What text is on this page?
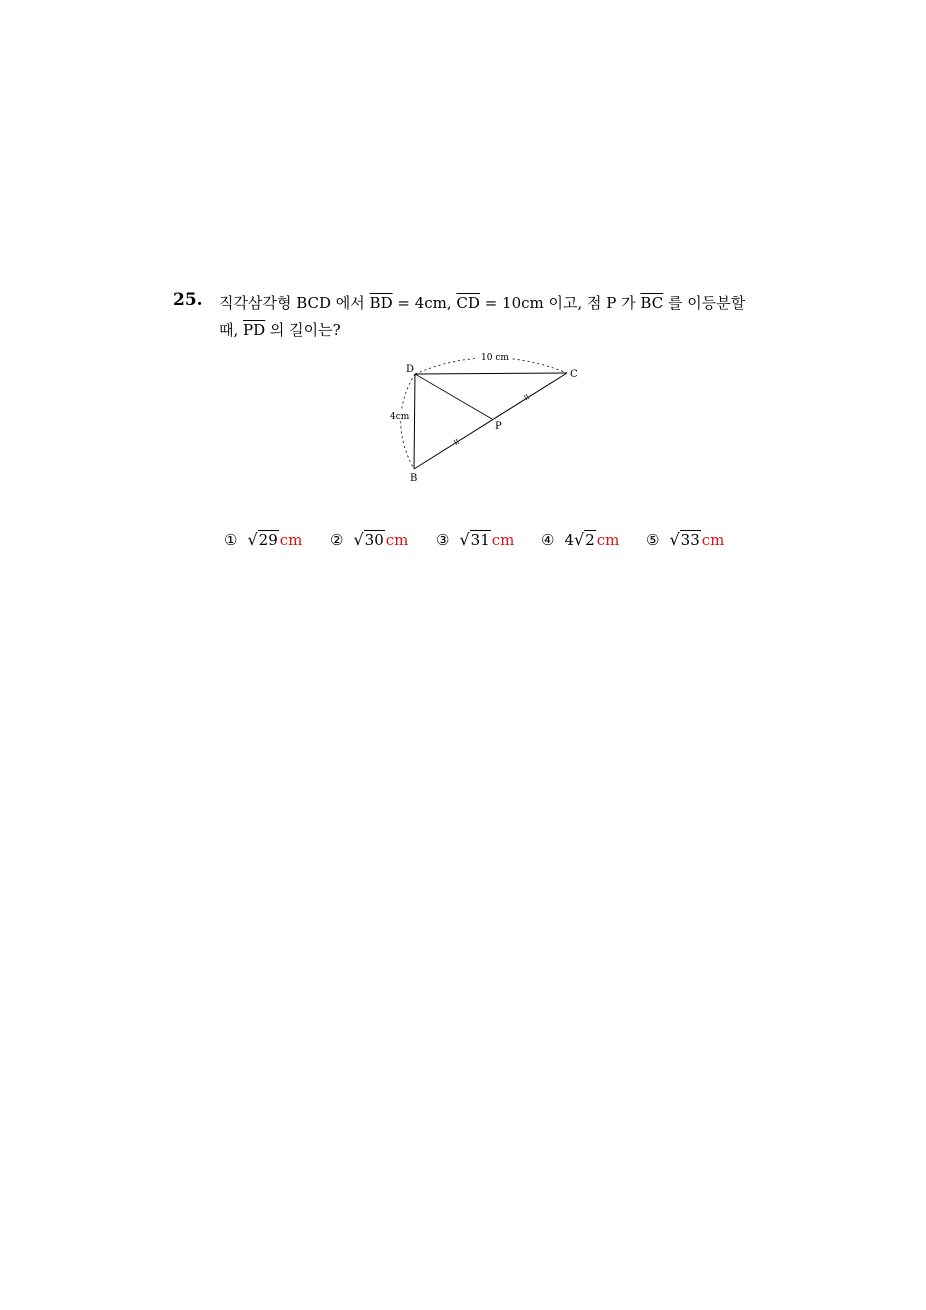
25. 직각삼각형 BCD 에서 $\overline{BD} = 4cm$, $\overline{CD} = 10cm$ 이고, 점 P 가 $\overline{BC}$ 를 이등분할
때, $\overline{PD}$ 의 길이는?
D	C
B
P
10 cm
4cm
① √29 cm ② √30 cm ③ √31 cm ④ 4√2 cm ⑤ √33 cm
